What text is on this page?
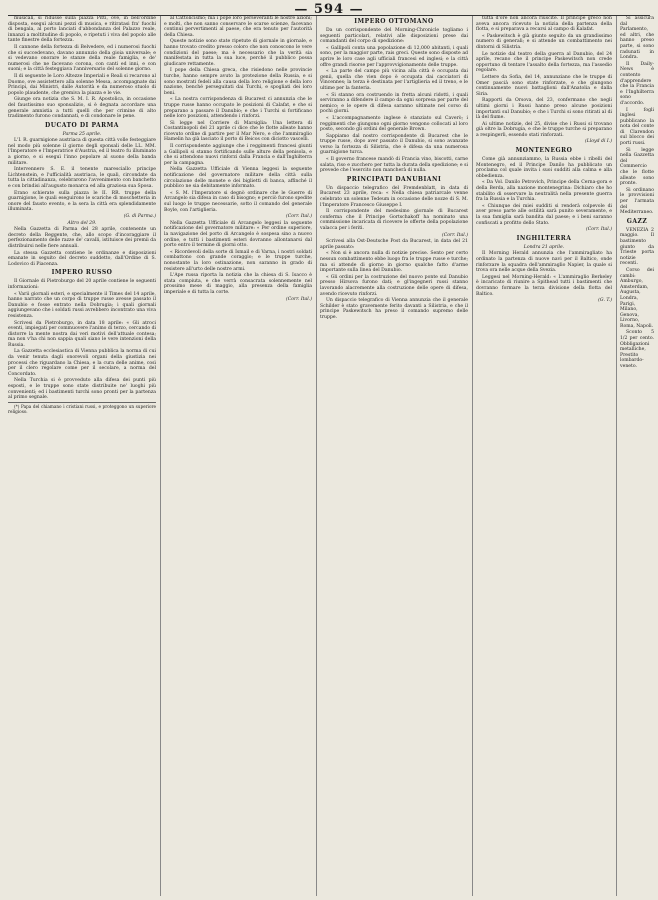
— 594 —

musicali, si ridusse sulla piazza Pitti, ove, in bell'ordine disposta, eseguì alcuni pezzi di musica, e ritiratasi fra' fuochi di bengala, al porto lanciati d'abbondanza del Palazzo reale, innanzi a moltitudine di popolo, e ripetuti i viva del popolo alle tante finestre della fortezza.

Il cannone della fortezza di Belvedere, ed i numerosi fuochi che si succedevano, davano annunzio della gioia universale; e si vedevano onorare le stanze della reale famiglia, e de' numerosi che ne facevano corona, con canti ed inni, e con suoni; e la città festeggiava l'anniversario del solenne giorno.

Il di seguente le Loro Altezze Imperiali e Reali si recarono al Duomo, ove assistettero alla solenne Messa, accompagnate dai Principi, dai Ministri, dalle Autorità e da numeroso stuolo di popolo plaudente, che gremiva la piazza e le vie.

Giunge ora notizia che S. M. I. R. Apostolica, in occasione del faustissimo suo sponsalizio, si è degnata accordare una generale amnistia a tutti quelli che per crimine di alto tradimento furono condannati, e di condonare le pene.

DUCATO DI PARMA

Parma 25 aprile.

L'I. R. guarnigione austriaca di questa città volle festeggiare nel modo più solenne il giorno degli sponsali delle LL. MM. l'Imperatore e l'Imperatrice d'Austria, ed il teatro fu illuminato a giorno, e si eseguì l'inno popolare al suono della banda militare.

Intervennero S. E. il tenente maresciallo principe Lichtenstein, e l'ufficialità austriaca, le quali, circondate da tutta la cittadinanza, celebrarono l'avvenimento con banchetto e con brindisi all'augusto monarca ed alla graziosa sua Sposa.

Erano schierate sulla piazza le II. RR. truppe della guarnigione, le quali eseguirono le scariche di moschetteria in onore del fausto evento, e la sera la città era splendidamente illuminata.

(G. di Parma.)

Altro del 29.

Nella Gazzetta di Parma del 28 aprile, contenente un decreto della Reggente, che, allo scopo d'incoraggiare il perfezionamento delle razze de' cavalli, istituisce dei premii da distribuirsi nelle fiere annuali.

La stessa Gazzetta contiene le ordinanze e disposizioni emanate in seguito del decreto suddetto, dall'Ordine di S. Lodovico di Piacenza.

IMPERO RUSSO

Il Giornale di Pietroburgo del 20 aprile contiene le seguenti informazioni:

« Varii giornali esteri, e specialmente il Times del 14 aprile, hanno narrato che un corpo di truppe russe avesse passato il Danubio e fosse entrato nella Dobrugia; i quali giornali aggiungevano che i soldati russi avrebbero incontrato una viva resistenza.

Scrivesi da Pietroburgo, in data 18 aprile: « Gli atroci eventi, impiegati per commuovere l'animo di terzo, cercando di distorre la mente nostra dai veri motivi dell'attuale contesa; ma non v'ha chi non sappia quali siano le vere intenzioni della Russia.

La Gazzetta ecclesiastica di Vienna pubblica la norma di cui da venir tenuta dagli onorevoli organi della giustizia nei processi che riguardano la Chiesa, e la cura delle anime, così per il clero regolare come per il secolare, a norma del Concordato.

Nella Turchia si è provveduto alla difesa dei punti più esposti, e le truppe sono state distribuite ne' luoghi più convenienti; ed i bastimenti turchi sono pronti per la partenza al primo segnale.

(*) Papa del chiamano i cristiani russi, e proteggono un superiore religioso.

al Cattolicismo; ma i pope loro perseveranti le nostre azioni; e molti, che non sanno conservare le scarse scienze, facevano continui pervertimenti al paese, che era tenuto per l'autorità della Chiesa.

Queste notizie sono state ripetute di giornale in giornale, e hanno trovato credito presso coloro che non conoscono le vere condizioni del paese; ma è necessario che la verità sia manifestata in tutta la sua luce, perché il pubblico possa giudicare rettamente.

I pope della Chiesa greca, che risiedono nelle provincie turche, hanno sempre avuto la protezione della Russia, e si sono mostrati fedeli alla causa della loro religione e della loro nazione, benché perseguitati dai Turchi, e spogliati dei loro beni.

« La nostra corrispondenza di Bucarest ci annunzia che le truppe russe hanno occupato le posizioni di Calafat, e che si preparano a passare il Danubio; e che i Turchi si fortificano nelle loro posizioni, attendendo i rinforzi.

Si legge nel Corriere di Marsiglia: Una lettera di Costantinopoli del 21 aprile ci dice che le flotte alleate hanno ricevuto ordine di partire per il Mar Nero, e che l'ammiraglio Hamelin ha già lasciato il porto di Beicos con diciotto vascelli.

Il corrispondente aggiunge che i reggimenti francesi giunti a Gallipoli si stanno fortificando sulle alture della penisola, e che si attendono nuovi rinforzi dalla Francia e dall'Inghilterra per la campagna.

Nella Gazzetta Ufficiale di Vienna leggesi la seguente notificazione del governatore militare della città sulla circolazione delle monete e dei biglietti di banca, affinché il pubblico ne sia debitamente informato.

« S. M. l'Imperatore si degnò ordinare che le Guerre di Arcangelo sia difesa in caso di bisogno; e perciò furono spedite sul luogo le truppe necessarie, sotto il comando del generale Boyle, con l'artiglieria.

(Corr. Ital.)

Nella Gazzetta Ufficiale di Arcangelo leggesi la seguente notificazione del governatore militare: « Per ordine superiore, la navigazione del porto di Arcangelo è sospesa sino a nuovo ordine, e tutti i bastimenti esteri dovranno allontanarsi dal porto entro il termine di giorni otto.

« Ricordevoli della sorte di Ismail e di Varna, i nostri soldati combattono con grande coraggio; e le truppe turche, nonostante la loro ostinazione, non saranno in grado di resistere all'urto delle nostre armi.

L'Ape russa riporta la notizia che la chiesa di S. Isacco è stata compiuta, e che verrà consacrata solennemente nel prossimo mese di maggio, alla presenza della famiglia imperiale e di tutta la corte.

(Corr. Ital.)

IMPERO OTTOMANO

Da un corrispondente del Morning-Chronicle togliamo i seguenti particolari, relativi alle disposizioni prese dai comandanti del corpo di spedizione:

« Gallipoli conta una popolazione di 12,000 abitanti, i quali sono, per la maggior parte, rais greci. Queste sono disposte ad aprire le loro case agli ufficiali francesi ed inglesi; e la città offre grandi risorse per l'approvvigionamento delle truppe.

« La parte del campo più vicina alla città è occupata dai genii, quella che vien dopo è occupata dai cacciatori di Vincennes; la terza è destinata per l'artiglieria ed il treno, e le ultime per la fanteria.

« Si stanno ora costruendo in fretta alcuni ridotti, i quali serviranno a difendere il campo da ogni sorpresa per parte del nemico; e le opere di difesa saranno ultimate nel corso di pochi giorni.

« L'accompagnamento inglese è stanziato sul Caverò; i reggimenti che giungono ogni giorno vengono collocati al loro posto, secondo gli ordini del generale Brown.

Sappiamo dal nostro corrispondente di Bucarest che le truppe russe, dopo aver passato il Danubio, si sono avanzate verso la fortezza di Silistria, che è difesa da una numerosa guarnigione turca.

« Il governo francese mandò di Francia vino, biscotti, carne salata, riso e zucchero per tutta la durata della spedizione; e si prevede che l'esercito non mancherà di nulla.

PRINCIPATI DANUBIANI

Un dispaccio telegrafico del Fremdenblatt, in data di Bucarest 23 aprile, reca: « Nella chiesa patriarcale venne celebrato un solenne Tedeum in occasione delle nozze di S. M. l'Imperatore Francesco Giuseppe I.

Il corrispondente del medesimo giornale di Bucarest conferma che il Principe Gortschakoff ha nominato una commissione incaricata di ricevere le offerte della popolazione valacca per i feriti.

(Corr. Ital.)

Scrivesi alla Ost-Deutsche Post da Bucarest, in data del 21 aprile passato:

« Non si è ancora nulla di notizie precise. Sento per certo nessun combattimento ebbe luogo fra le truppe russe e turche; ma si attende di giorno in giorno qualche fatto d'arme importante sulla linea del Danubio.

« Gli ordini per la costruzione del nuovo ponte sul Danubio presso Hirsova furono dati; e gl'ingegneri russi stanno lavorando alacremente alla costruzione delle opere di difesa, avendo ricevuto rinforzi.

Un dispaccio telegrafico di Vienna annunzia che il generale Schilder è stato gravemente ferito davanti a Silistria, e che il principe Paskewitsch ha preso il comando supremo delle truppe.

tutta d'ore non ancora riuscite. Il principe greco non aveva ancora ricevuto la notizia della partenza della flotta, e si preparava a recarsi al campo di Kalafat.

« Paskewitsch è già giunto seguito da un grandissimo numero di generali; e si attende un combattimento nei dintorni di Silistria.

Le notizie dal teatro della guerra al Danubio, del 24 aprile, recano che il principe Paskewitsch non crede opportuno di tentare l'assalto della fortezza, ma l'assedio regolare.

Lettere da Sofia, del 14, annunziano che le truppe di Omer pascià sono state rinforzate, e che giungono continuamente nuovi battaglioni dall'Anatolia e dalla Siria.

Rapporti da Orsova, del 23, confermano che negli ultimi giorni i Russi hanno preso alcune posizioni importanti sul Danubio; e che i Turchi si sono ritirati al di là del fiume.

Ai ultime notizie, del 25, divise che i Russi si trovano già oltre la Dobrugia, e che le truppe turche si preparano a respingerli, essendo stati rinforzati.

(Lloyd di I.)

MONTENEGRO

Come già annunziammo, la Russia ebbe i ribelli del Montenegro, ed il Principe Danilo ha pubblicato un proclama col quale invita i suoi sudditi alla calma e alla obbedienza.

« Da Vol. Danilo Petrovich, Principe della Cerna-gora e della Berda, alla nazione montenegrina: Dichiaro che ho stabilito di osservare la neutralità nella presente guerra fra la Russia e la Turchia.

« Chiunque dei miei sudditi si renderà colpevole di aver preso parte alle ostilità sarà punito severamente, e la sua famiglia sarà bandita dal paese; e i beni saranno confiscati a profitto dello Stato.

(Corr. Ital.)

INGHILTERRA

Londra 21 aprile.

Il Morning Herald annunzia che l'ammiragliato ha ordinato la partenza di nuove navi per il Baltico, onde rinforzare la squadra dell'ammiraglio Napier, la quale si trova ora nelle acque della Svezia.

Leggesi nel Morning-Herald: « L'ammiraglio Berkeley è incaricato di riunire a Spithead tutti i bastimenti che dovranno formare la terza divisione della flotta del Baltico.

(G. T.)

Si assicura dal Parlamento, ed altri, che hanno preso parte, si sono radunati in Londra.

Il Daily-News è contento d'apprendere che la Francia e l'Inghilterra sono d'accordo.

I fogli inglesi pubblicano la nota del conte di Clarendon sul blocco dei porti russi.

Si legge nella Gazzetta del Commercio che le flotte alleate sono pronte.

Si ordinano le provvisioni per l'armata del Mediterraneo.

GAZZ

VENEZIA 2 maggio. Il bastimento giunto da Trieste porta notizie recenti.

Corso dei cambi: Amburgo, Amsterdam, Augusta, Londra, Parigi, Milano, Genova, Livorno, Roma, Napoli.

Sconto 5 1/2 per cento. Obbligazioni metalliche, Prestito lombardo-veneto.
